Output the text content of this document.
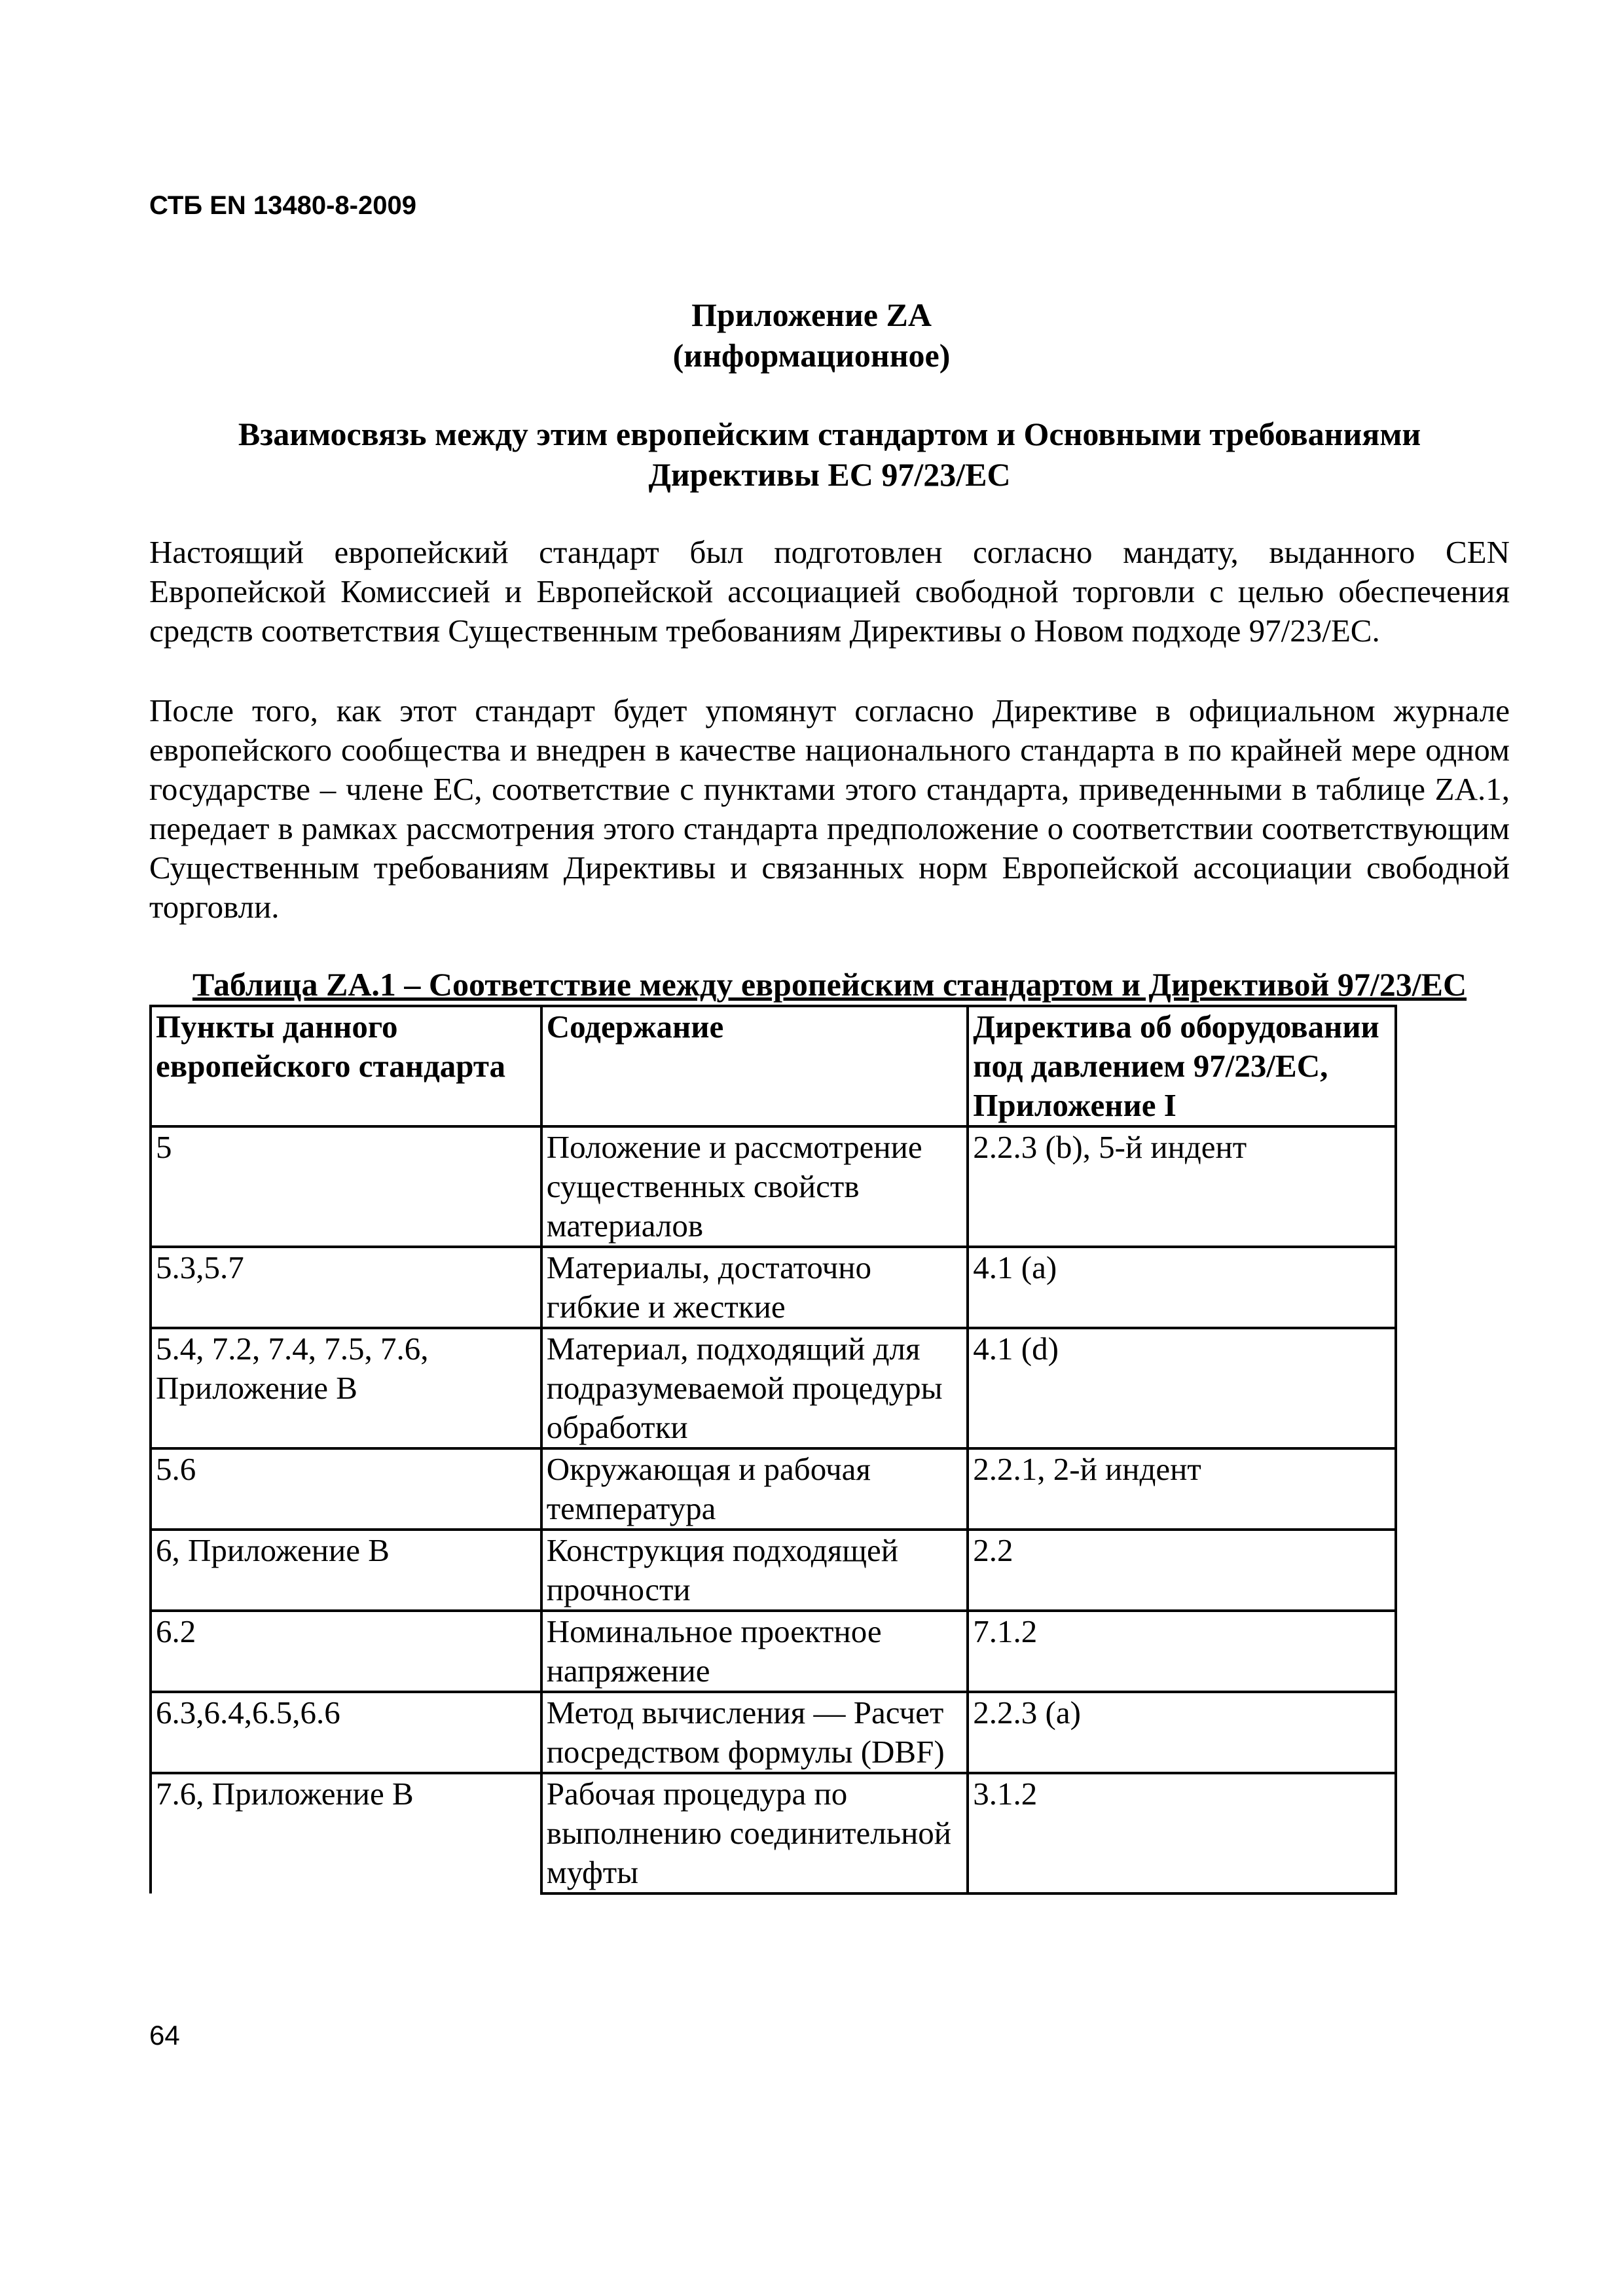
СТБ EN 13480-8-2009
Приложение ZA
(информационное)
Взаимосвязь между этим европейским стандартом и Основными требованиями
Директивы ЕС 97/23/EC
Настоящий европейский стандарт был подготовлен согласно мандату, выданного CEN Европейской Комиссией и Европейской ассоциацией свободной торговли с целью обеспечения средств соответствия Существенным требованиям Директивы о Новом подходе 97/23/EC.
После того, как этот стандарт будет упомянут согласно Директиве в официальном журнале европейского сообщества и внедрен в качестве национального стандарта в по крайней мере одном государстве – члене ЕС, соответствие с пунктами этого стандарта, приведенными в таблице ZA.1, передает в рамках рассмотрения этого стандарта предположение о соответствии соответствующим Существенным требованиям Директивы и связанных норм Европейской ассоциации свободной торговли.
Таблица ZA.1 – Соответствие между европейским стандартом и Директивой 97/23/EC
Пункты данного европейского стандарта	Содержание	Директива об оборудовании под давлением 97/23/EC, Приложение I
5	Положение и рассмотрение существенных свойств материалов	2.2.3 (b), 5-й индент
5.3,5.7	Материалы, достаточно гибкие и жесткие	4.1 (a)
5.4, 7.2, 7.4, 7.5, 7.6, Приложение B	Материал, подходящий для подразумеваемой процедуры обработки	4.1 (d)
5.6	Окружающая и рабочая температура	2.2.1, 2-й индент
6, Приложение B	Конструкция подходящей прочности	2.2
6.2	Номинальное проектное напряжение	7.1.2
6.3,6.4,6.5,6.6	Метод вычисления — Расчет посредством формулы (DBF)	2.2.3 (a)
7.6, Приложение B	Рабочая процедура по выполнению соединительной муфты	3.1.2
64
